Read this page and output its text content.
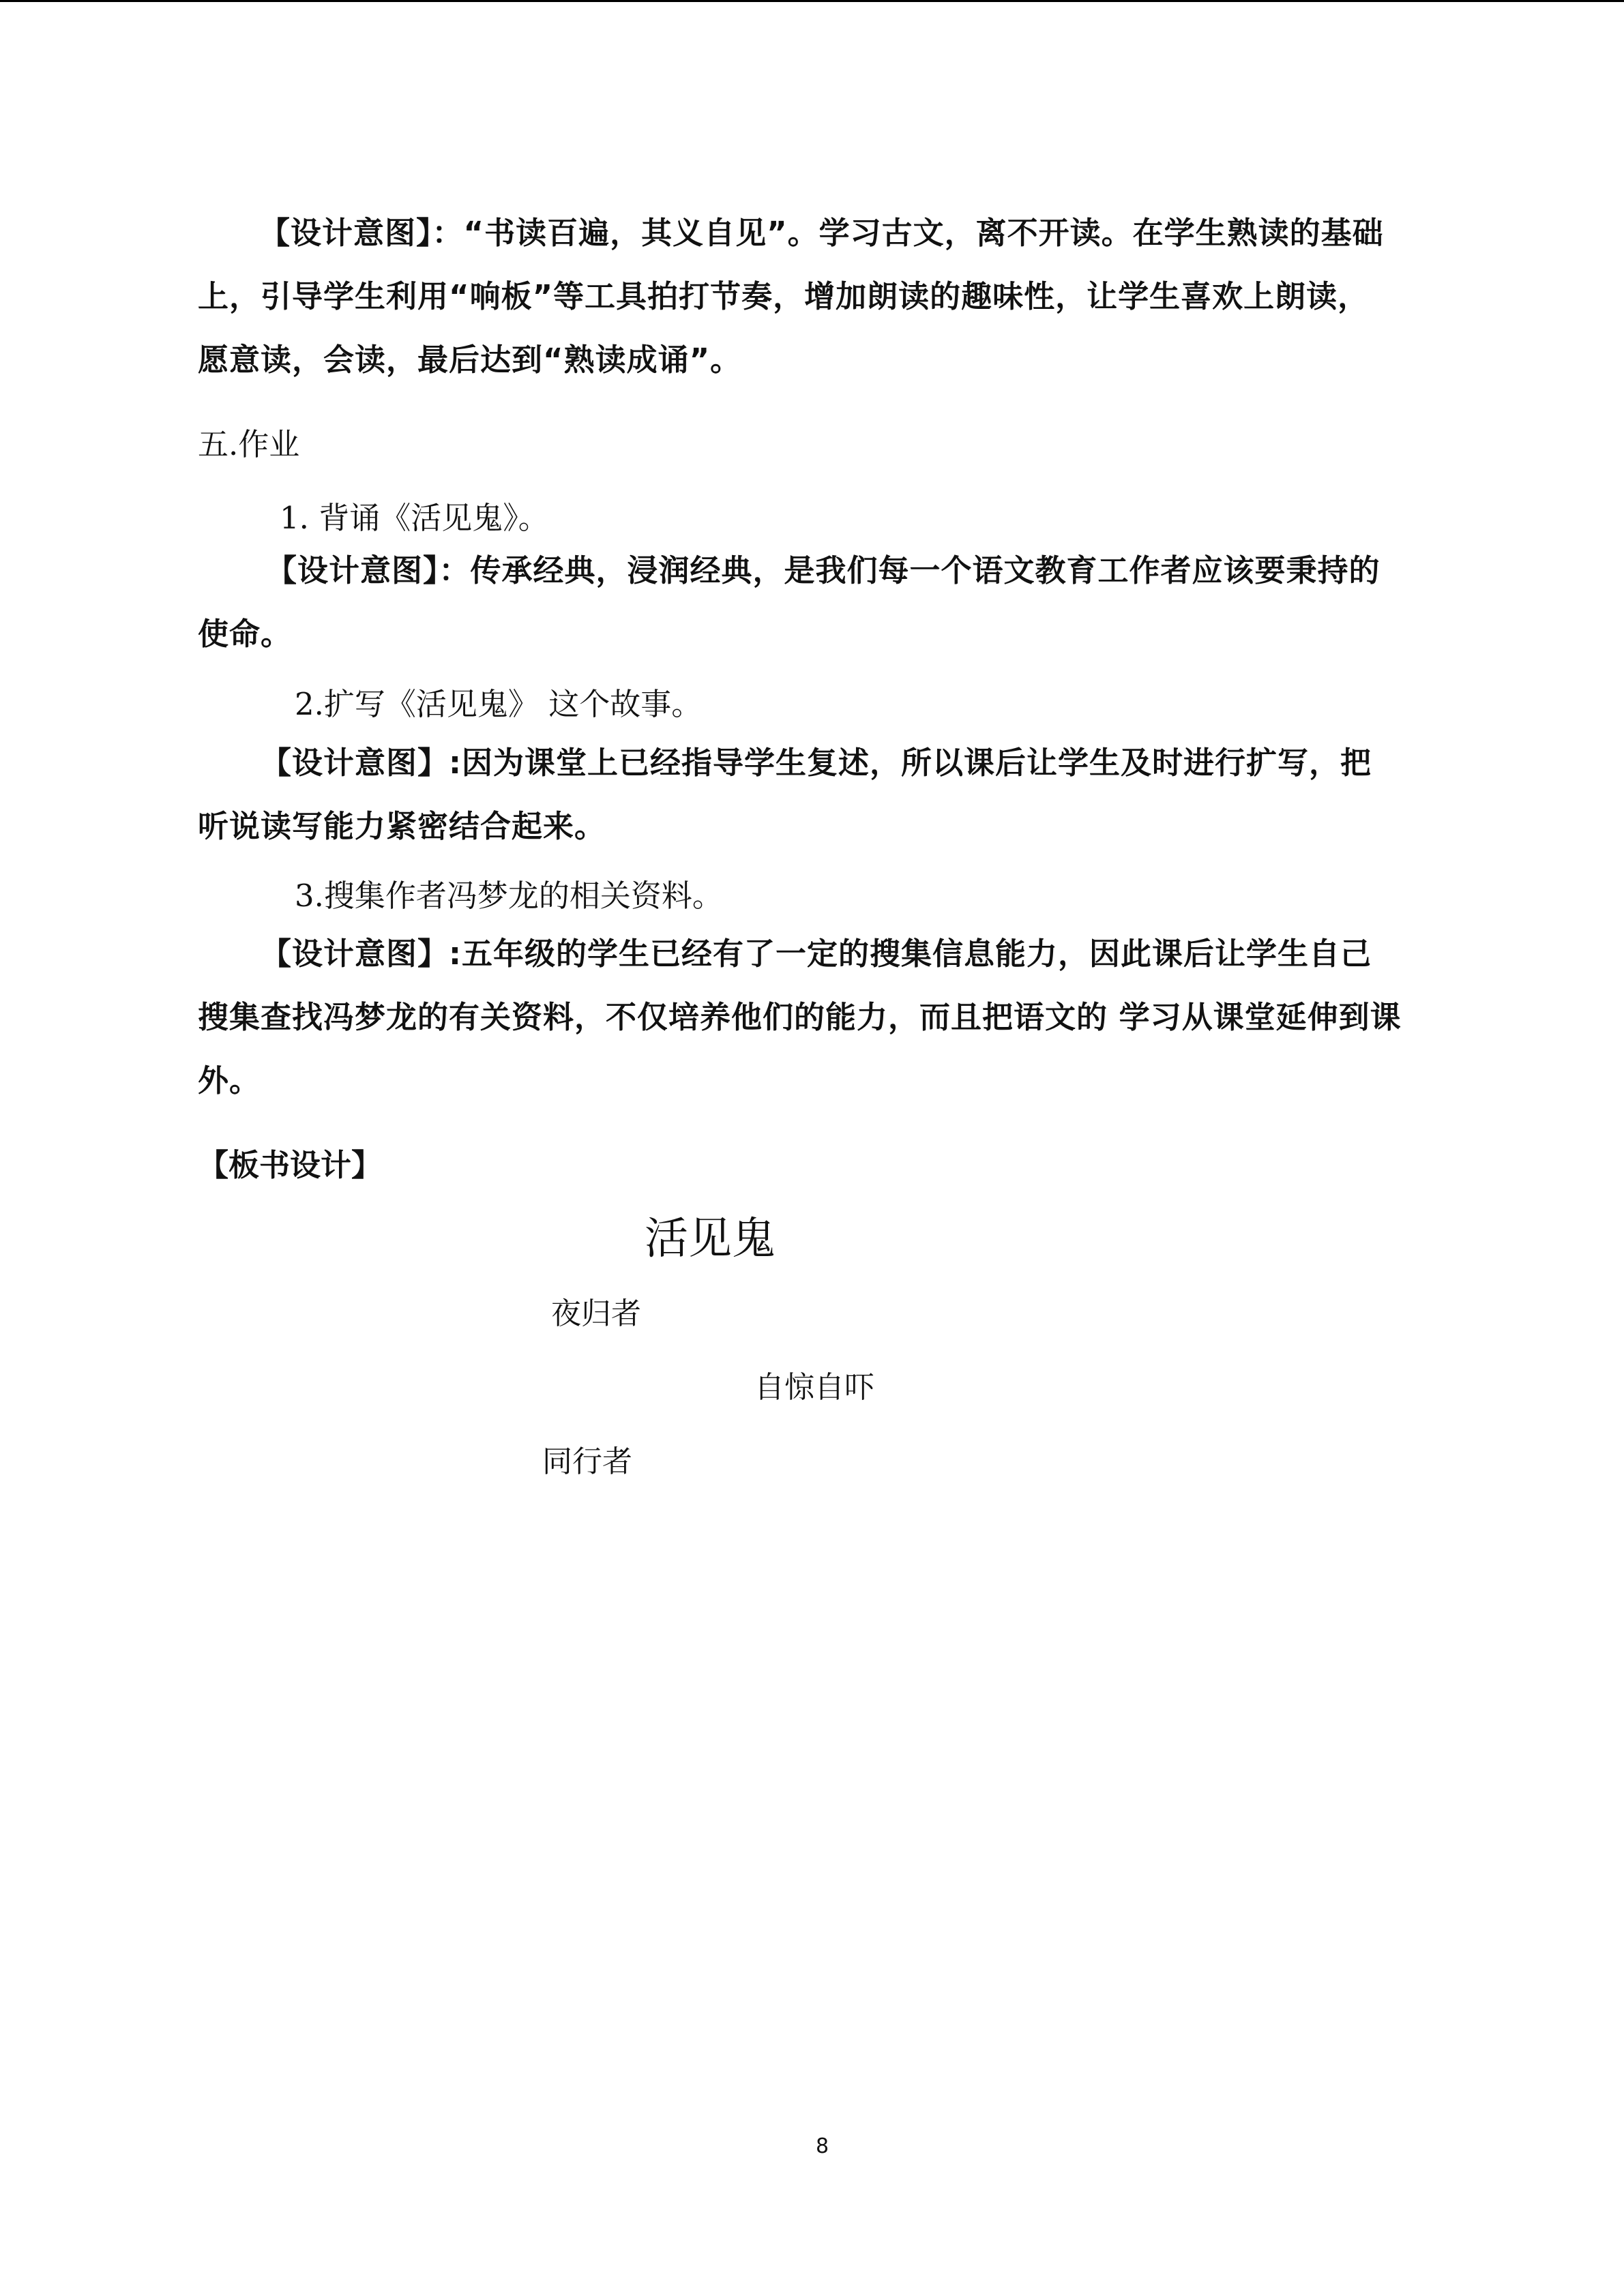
【设计意图】：“书读百遍，其义自见”。学习古文，离不开读。在学生熟读的基础
上，引导学生利用“响板”等工具拍打节奏，增加朗读的趣味性，让学生喜欢上朗读，
愿意读，会读，最后达到“熟读成诵”。
五.作业
1. 背诵《活见鬼》。
【设计意图】：传承经典，浸润经典，是我们每一个语文教育工作者应该要秉持的
使命。
2.扩写《活见鬼》 这个故事。
【设计意图】:因为课堂上已经指导学生复述，所以课后让学生及时进行扩写，把
听说读写能力紧密结合起来。
3.搜集作者冯梦龙的相关资料。
【设计意图】:五年级的学生已经有了一定的搜集信息能力，因此课后让学生自己
搜集查找冯梦龙的有关资料，不仅培养他们的能力，而且把语文的 学习从课堂延伸到课
外。
【板书设计】
活见鬼
夜归者
自惊自吓
同行者
8
